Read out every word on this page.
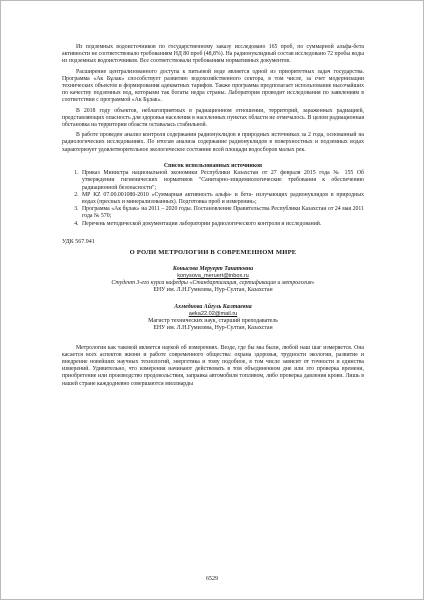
Из подземных водоисточников по государственному заказу исследовано 165 проб, по суммарной альфа-бета активности не соответствовало требованиям НД 80 проб (48,8%). На радионуклидный состав исследовано 72 пробы воды из подземных водоисточников. Все соответствовали требованиям нормативных документов.

Расширение централизованного доступа к питьевой воде является одной из приоритетных задач государства. Программа «Ак Бұлак» способствует развитию водохозяйственного сектора, в том числе, за счет модернизации технических объектов и формирования адекватных тарифов. Также программа предполагает использование высочайших по качеству подземных вод, которыми так богаты недра страны. Лаборатория проводит исследования по заявлениям в соответствии с программой «Ак Бұлак».

В 2018 году объектов, неблагоприятных в радиационном отношении, территорий, зараженных радиацией, представляющих опасность для здоровья населения в населенных пунктах области не отмечалось. В целом радиационная обстановка на территории области оставалась стабильной.

В работе проведен анализ контроля содержания радионуклидов в природных источниках за 2 года, основанный на радиологических исследованиях. По итогам анализа содержание радионуклидов в поверхностных и подземных водах характеризует удовлетворительное экологическое состояние всей площади водосборов малых рек.

Список использованных источников

1. Приказ Министра национальной экономики Республики Казахстан от 27 февраля 2015 года № 155 Об утверждении гигиенических нормативов "Санитарно-эпидемиологические требования к обеспечению радиационной безопасности";
2. МР КZ 07.00.001080-2010 «Суммарная активность альфа- и бета- излучающих радионуклидов в природных водах (пресных и минерализованных). Подготовка проб и измерения»;
3. Программа «Ак бұлак» на 2011 – 2020 годы. Постановление Правительства Республики Казахстан от 24 мая 2011 года № 570;
4. Перечень методической документации лаборатории радиологического контроля и исследований.
УДК 567.941
О РОЛИ МЕТРОЛОГИИ В СОВРЕМЕННОМ МИРЕ
Конысова Меруерт Танатовна
konysova_meruert@inbox.ru
Студент 3-его курса кафедры «Стандартизация, сертификация и метрология»
ЕНУ им. Л.Н.Гумилева, Нур-Султан, Казахстан
Ахмедиова Айгуль Калтаевна
aeka22.02@mail.ru
Магистр технических наук, старший преподаватель
ЕНУ им. Л.Н.Гумилева, Нур-Султан, Казахстан

Метрология как таковой является наукой об измерениях. Везде, где бы мы были, любой наш шаг измеряется. Она касается всех аспектов жизни и работе современного общества: охрана здоровья, трудности экологии, развитие и внедрение новейших научных технологий, энергетика и тому подобное, в том числе зависит от точности и единства измерений. Удивительно, что измерения начинают действовать в том объединенном дне или это проверка времени, приобретение или производство продовольствия, заправка автомобиля топливом, либо проверка давления крови. Лишь в нашей стране каждодневно совершаются миллиарды

6529
